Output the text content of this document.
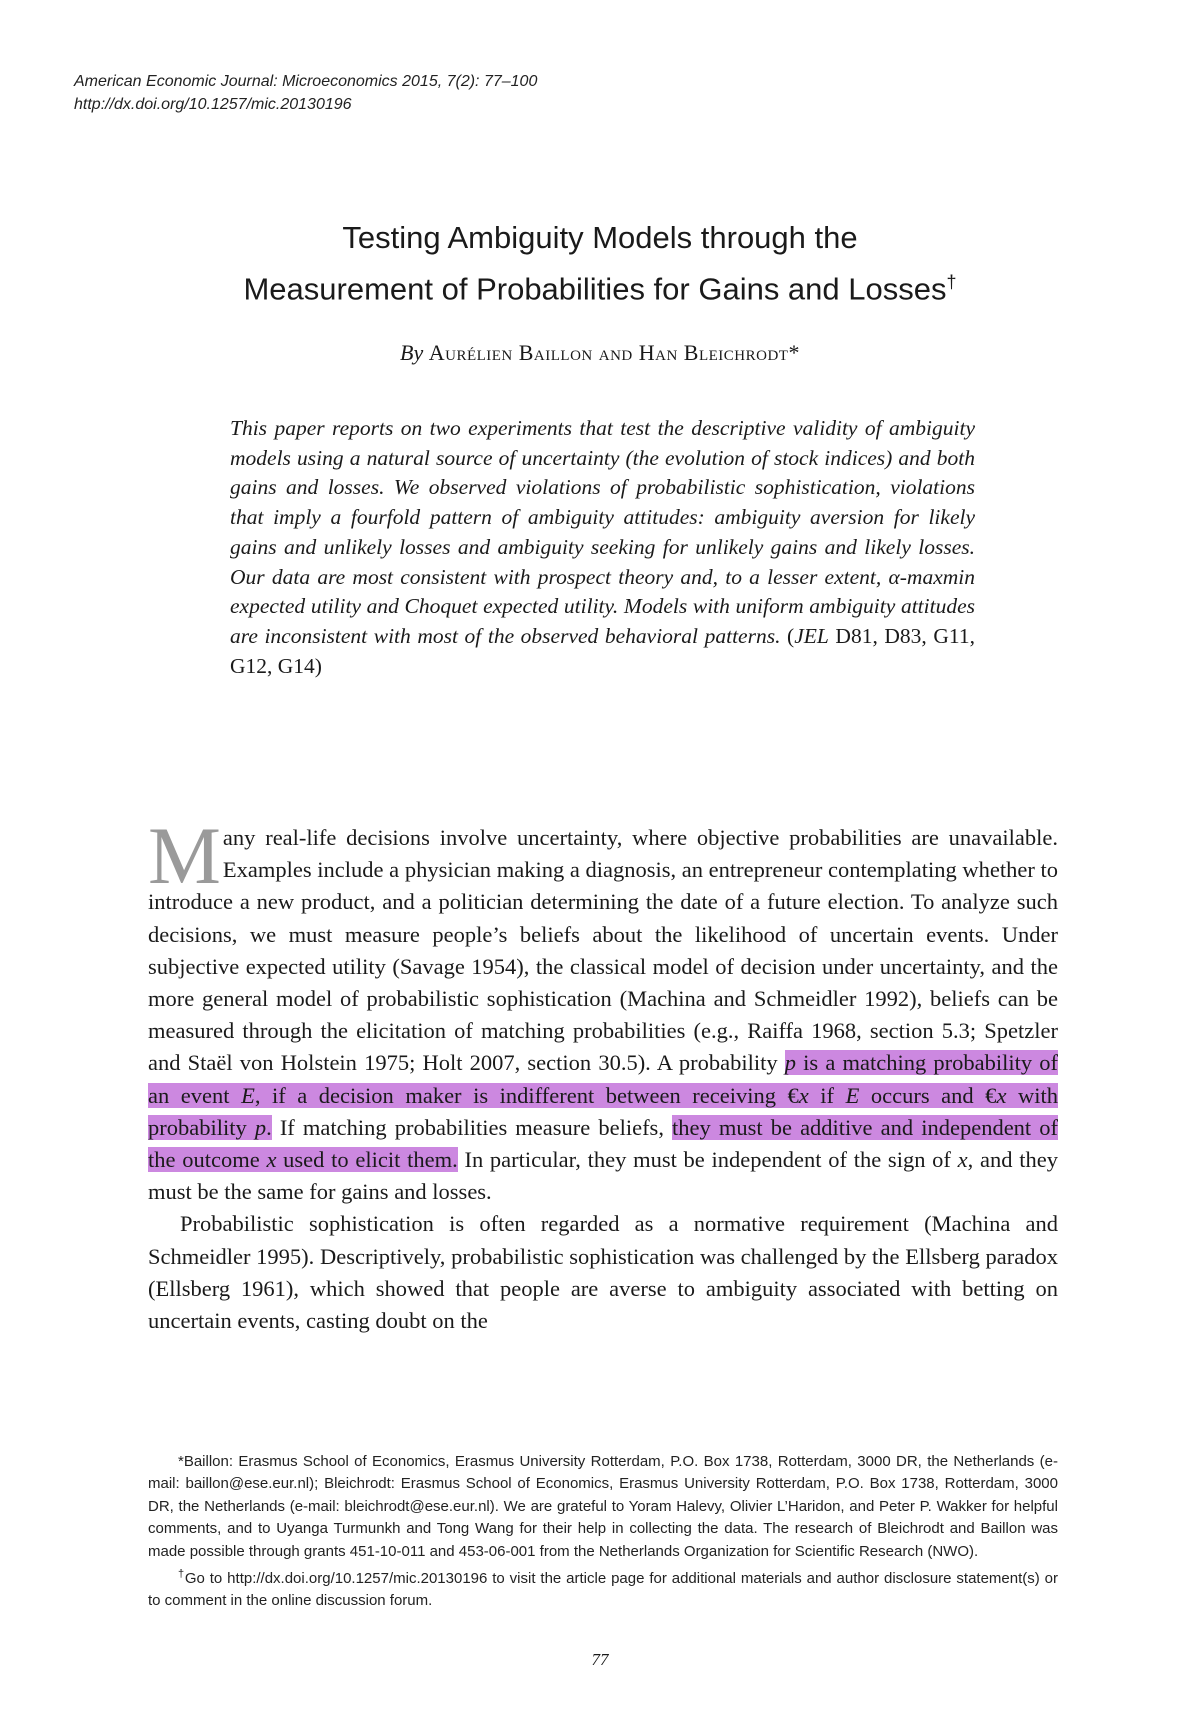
American Economic Journal: Microeconomics 2015, 7(2): 77–100
http://dx.doi.org/10.1257/mic.20130196
Testing Ambiguity Models through the
Measurement of Probabilities for Gains and Losses†
By Aurélien Baillon and Han Bleichrodt*
This paper reports on two experiments that test the descriptive validity of ambiguity models using a natural source of uncertainty (the evolution of stock indices) and both gains and losses. We observed violations of probabilistic sophistication, violations that imply a fourfold pattern of ambiguity attitudes: ambiguity aversion for likely gains and unlikely losses and ambiguity seeking for unlikely gains and likely losses. Our data are most consistent with prospect theory and, to a lesser extent, α-maxmin expected utility and Choquet expected utility. Models with uniform ambiguity attitudes are inconsistent with most of the observed behavioral patterns. (JEL D81, D83, G11, G12, G14)

Many real-life decisions involve uncertainty, where objective probabilities are unavailable. Examples include a physician making a diagnosis, an entrepreneur contemplating whether to introduce a new product, and a politician determining the date of a future election. To analyze such decisions, we must measure people’s beliefs about the likelihood of uncertain events. Under subjective expected utility (Savage 1954), the classical model of decision under uncertainty, and the more general model of probabilistic sophistication (Machina and Schmeidler 1992), beliefs can be measured through the elicitation of matching probabilities (e.g., Raiffa 1968, section 5.3; Spetzler and Staël von Holstein 1975; Holt 2007, section 30.5). A probability p is a matching probability of an event E, if a decision maker is indifferent between receiving €x if E occurs and €x with probability p. If matching probabilities measure beliefs, they must be additive and independent of the outcome x used to elicit them. In particular, they must be independent of the sign of x, and they must be the same for gains and losses.

Probabilistic sophistication is often regarded as a normative requirement (Machina and Schmeidler 1995). Descriptively, probabilistic sophistication was challenged by the Ellsberg paradox (Ellsberg 1961), which showed that people are averse to ambiguity associated with betting on uncertain events, casting doubt on the

*Baillon: Erasmus School of Economics, Erasmus University Rotterdam, P.O. Box 1738, Rotterdam, 3000 DR, the Netherlands (e-mail: baillon@ese.eur.nl); Bleichrodt: Erasmus School of Economics, Erasmus University Rotterdam, P.O. Box 1738, Rotterdam, 3000 DR, the Netherlands (e-mail: bleichrodt@ese.eur.nl). We are grateful to Yoram Halevy, Olivier L’Haridon, and Peter P. Wakker for helpful comments, and to Uyanga Turmunkh and Tong Wang for their help in collecting the data. The research of Bleichrodt and Baillon was made possible through grants 451-10-011 and 453-06-001 from the Netherlands Organization for Scientific Research (NWO).

†Go to http://dx.doi.org/10.1257/mic.20130196 to visit the article page for additional materials and author disclosure statement(s) or to comment in the online discussion forum.

77
